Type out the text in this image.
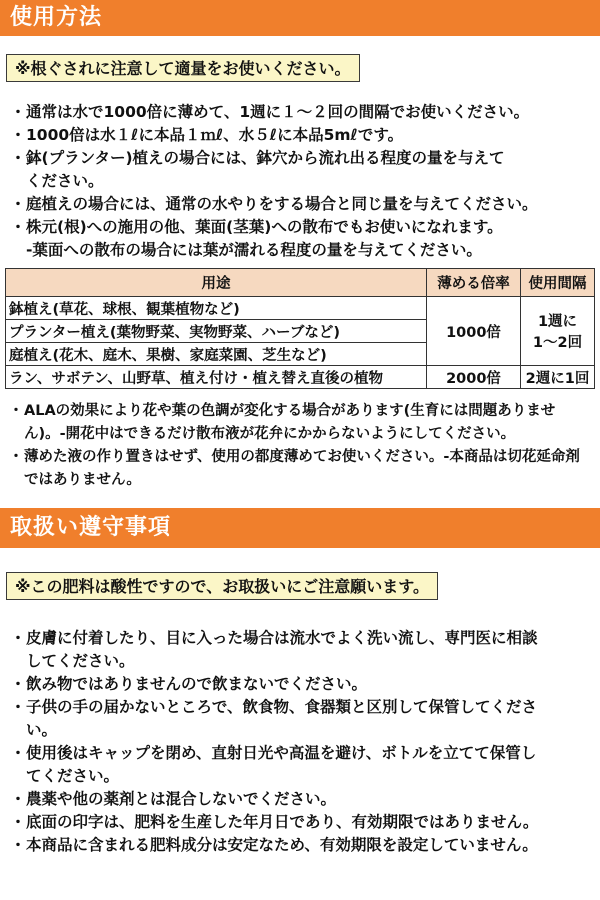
使用方法
※根ぐされに注意して適量をお使いください。
・通常は水で1000倍に薄めて、1週に１～２回の間隔でお使いください。
・1000倍は水１ℓに本品１ｍℓ、水５ℓに本品5mℓです。
・鉢(プランター)植えの場合には、鉢穴から流れ出る程度の量を与えて
ください。
・庭植えの場合には、通常の水やりをする場合と同じ量を与えてください。
・株元(根)への施用の他、葉面(茎葉)への散布でもお使いになれます。
-葉面への散布の場合には葉が濡れる程度の量を与えてください。
用途	薄める倍率	使用間隔
鉢植え(草花、球根、観葉植物など)	1000倍	1週に
1～2回

プランター植え(葉物野菜、実物野菜、ハーブなど)		
庭植え(花木、庭木、果樹、家庭菜園、芝生など)		
ラン、サボテン、山野草、植え付け・植え替え直後の植物	2000倍	2週に1回
・ALAの効果により花や葉の色調が変化する場合があります(生育には問題ありません)。-開花中はできるだけ散布液が花弁にかからないようにしてください。
・薄めた液の作り置きはせず、使用の都度薄めてお使いください。-本商品は切花延命剤ではありません。
取扱い遵守事項
※この肥料は酸性ですので、お取扱いにご注意願います。
・皮膚に付着したり、目に入った場合は流水でよく洗い流し、専門医に相談
してください。
・飲み物ではありませんので飲まないでください。
・子供の手の届かないところで、飲食物、食器類と区別して保管してくださ
い。
・使用後はキャップを閉め、直射日光や高温を避け、ボトルを立てて保管し
てください。
・農薬や他の薬剤とは混合しないでください。
・底面の印字は、肥料を生産した年月日であり、有効期限ではありません。
・本商品に含まれる肥料成分は安定なため、有効期限を設定していません。
